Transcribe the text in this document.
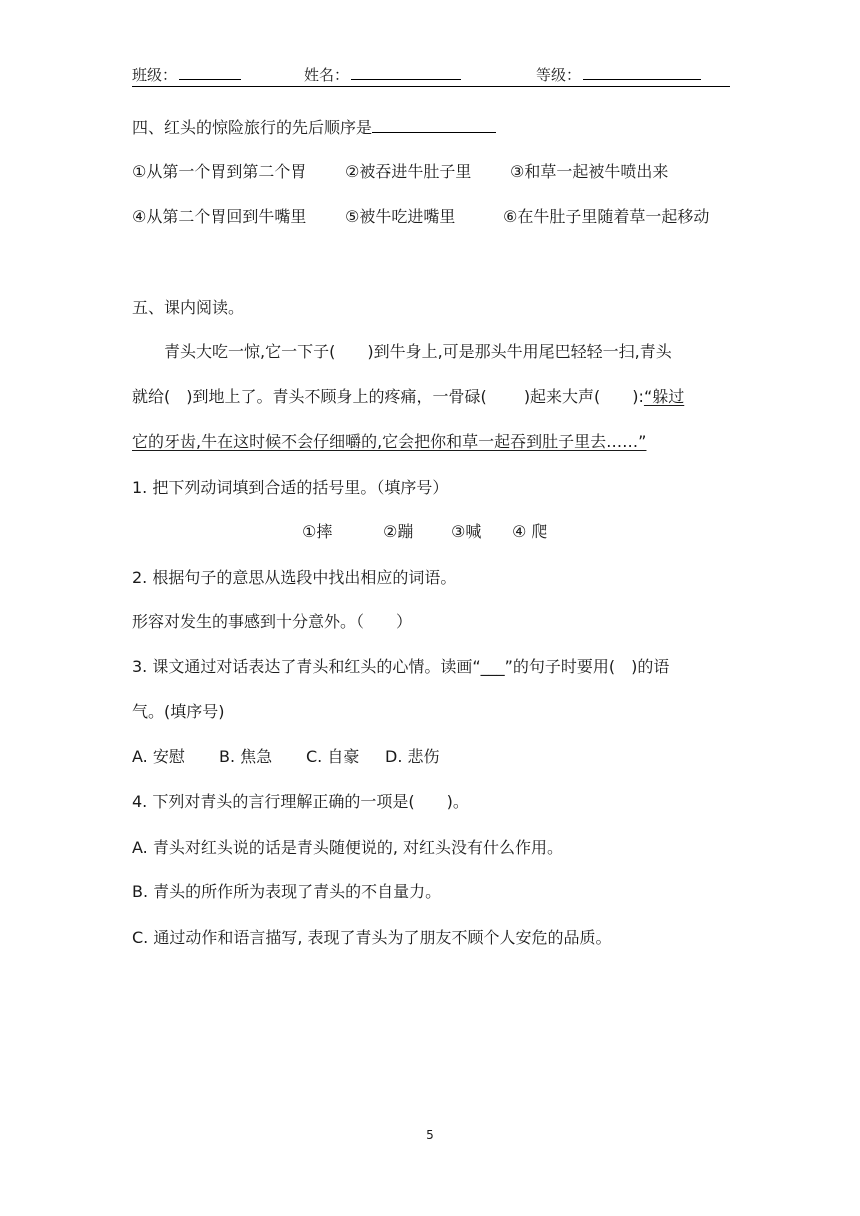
班级：	姓名：	等级：
四、红头的惊险旅行的先后顺序是
①从第一个胃到第二个胃 ②被吞进牛肚子里 ③和草一起被牛喷出来
④从第二个胃回到牛嘴里 ⑤被牛吃进嘴里	⑥在牛肚子里随着草一起移动
五、课内阅读。
青头大吃一惊,它一下子(　　)到牛身上,可是那头牛用尾巴轻轻一扫,青头
就给(　)到地上了。青头不顾身上的疼痛，一骨碌(　　 )起来大声(　　):“躲过
它的牙齿,牛在这时候不会仔细嚼的,它会把你和草一起吞到肚子里去……”
1. 把下列动词填到合适的括号里。（填序号）
①摔	②蹦 ③喊 ④ 爬
2. 根据句子的意思从选段中找出相应的词语。
形容对发生的事感到十分意外。（　　）
3. 课文通过对话表达了青头和红头的心情。读画“___”的句子时要用(　)的语
气。(填序号)
A. 安慰 B. 焦急 C. 自豪 D. 悲伤
4. 下列对青头的言行理解正确的一项是(　　)。
A. 青头对红头说的话是青头随便说的, 对红头没有什么作用。
B. 青头的所作所为表现了青头的不自量力。
C. 通过动作和语言描写, 表现了青头为了朋友不顾个人安危的品质。
5
